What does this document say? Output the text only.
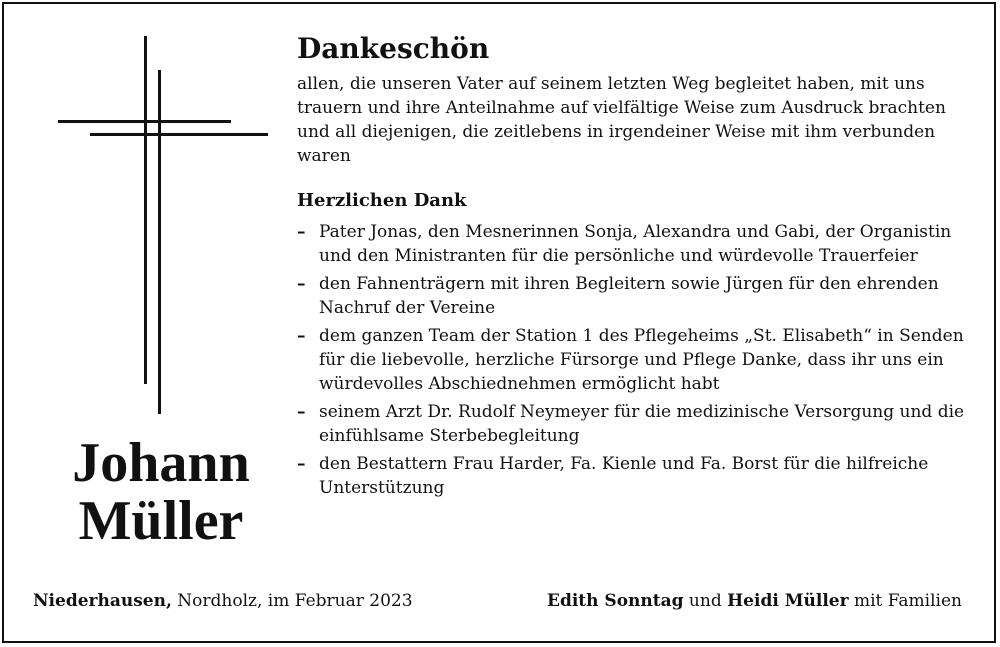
Johann
Müller
Dankeschön

allen, die unseren Vater auf seinem letzten Weg begleitet haben, mit uns trauern und ihre Anteilnahme auf vielfältige Weise zum Ausdruck brachten und all diejenigen, die zeitlebens in irgendeiner Weise mit ihm verbunden waren

Herzlichen Dank
– Pater Jonas, den Mesnerinnen Sonja, Alexandra und Gabi, der Organistin und den Ministranten für die persönliche und würdevolle Trauerfeier
– den Fahnenträgern mit ihren Begleitern sowie Jürgen für den ehrenden Nachruf der Vereine
– dem ganzen Team der Station 1 des Pflegeheims „St. Elisabeth“ in Senden für die liebevolle, herzliche Fürsorge und Pflege Danke, dass ihr uns ein würdevolles Abschiednehmen ermöglicht habt
– seinem Arzt Dr. Rudolf Neymeyer für die medizinische Versorgung und die einfühlsame Sterbebegleitung
– den Bestattern Frau Harder, Fa. Kienle und Fa. Borst für die hilfreiche Unterstützung
Niederhausen, Nordholz, im Februar 2023	Edith Sonntag und Heidi Müller mit Familien
